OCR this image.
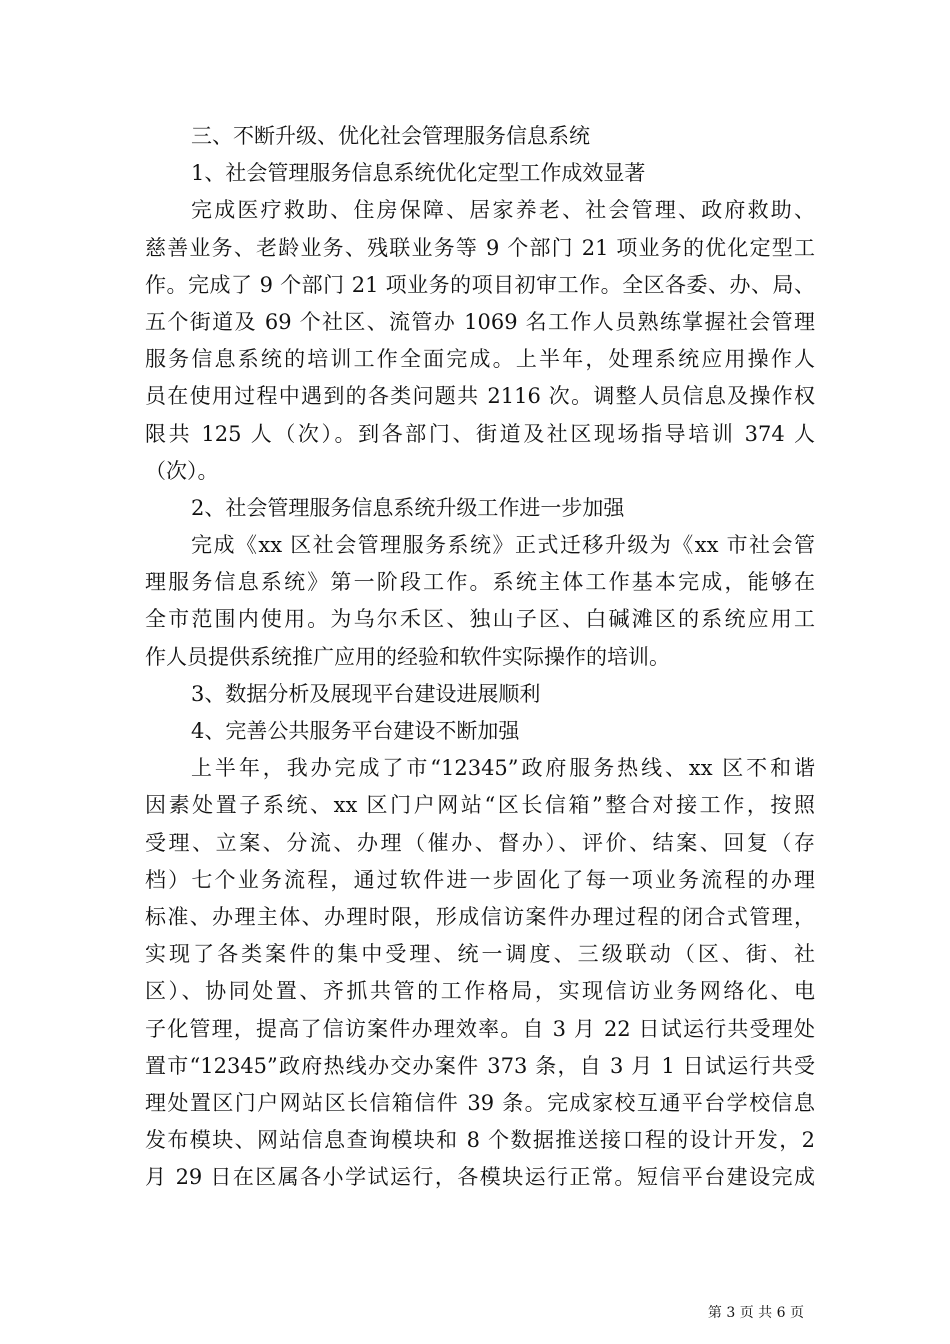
三、不断升级、优化社会管理服务信息系统
1、社会管理服务信息系统优化定型工作成效显著
完成医疗救助、住房保障、居家养老、社会管理、政府救助、
慈善业务、老龄业务、残联业务等 9 个部门 21 项业务的优化定型工
作。完成了 9 个部门 21 项业务的项目初审工作。全区各委、办、局、
五个街道及 69 个社区、流管办 1069 名工作人员熟练掌握社会管理
服务信息系统的培训工作全面完成。上半年，处理系统应用操作人
员在使用过程中遇到的各类问题共 2116 次。调整人员信息及操作权
限共 125 人（次）。到各部门、街道及社区现场指导培训 374 人
（次）。
2、社会管理服务信息系统升级工作进一步加强
完成《xx 区社会管理服务系统》正式迁移升级为《xx 市社会管
理服务信息系统》第一阶段工作。系统主体工作基本完成，能够在
全市范围内使用。为乌尔禾区、独山子区、白碱滩区的系统应用工
作人员提供系统推广应用的经验和软件实际操作的培训。
3、数据分析及展现平台建设进展顺利
4、完善公共服务平台建设不断加强
上半年，我办完成了市“12345”政府服务热线、xx 区不和谐
因素处置子系统、xx 区门户网站“区长信箱”整合对接工作，按照
受理、立案、分流、办理（催办、督办）、评价、结案、回复（存
档）七个业务流程，通过软件进一步固化了每一项业务流程的办理
标准、办理主体、办理时限，形成信访案件办理过程的闭合式管理，
实现了各类案件的集中受理、统一调度、三级联动（区、街、社
区）、协同处置、齐抓共管的工作格局，实现信访业务网络化、电
子化管理，提高了信访案件办理效率。自 3 月 22 日试运行共受理处
置市“12345”政府热线办交办案件 373 条，自 3 月 1 日试运行共受
理处置区门户网站区长信箱信件 39 条。完成家校互通平台学校信息
发布模块、网站信息查询模块和 8 个数据推送接口程的设计开发，2
月 29 日在区属各小学试运行，各模块运行正常。短信平台建设完成
第 3 页 共 6 页
